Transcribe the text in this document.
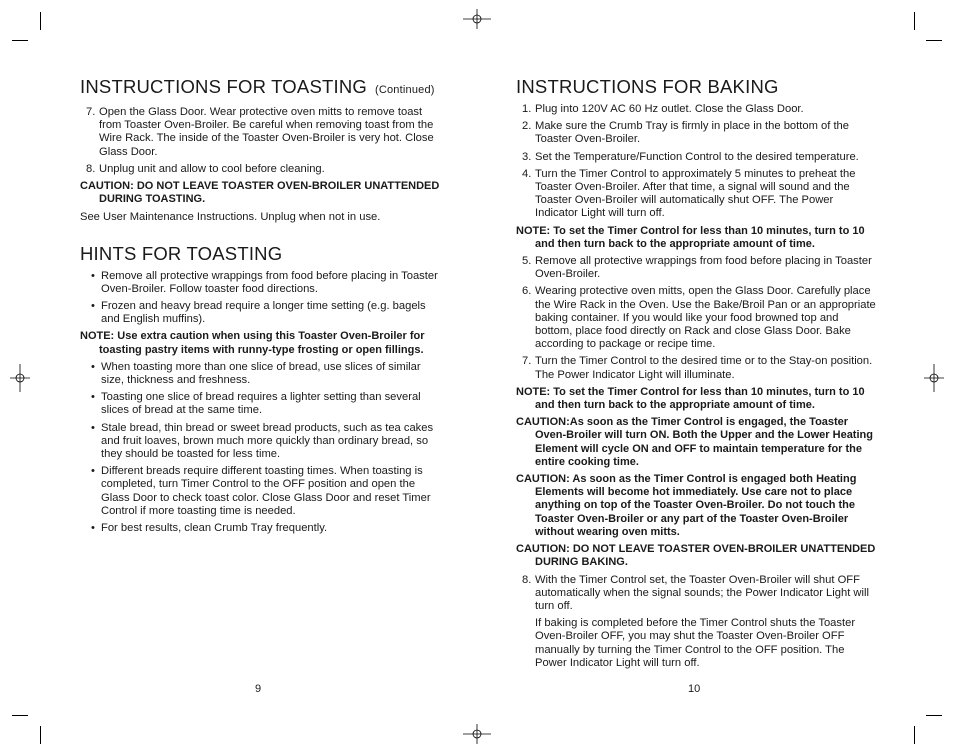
INSTRUCTIONS FOR TOASTING (Continued)
7. Open the Glass Door. Wear protective oven mitts to remove toast from Toaster Oven-Broiler. Be careful when removing toast from the Wire Rack. The inside of the Toaster Oven-Broiler is very hot. Close Glass Door.
8. Unplug unit and allow to cool before cleaning.
CAUTION: DO NOT LEAVE TOASTER OVEN-BROILER UNATTENDED DURING TOASTING.
See User Maintenance Instructions. Unplug when not in use.
HINTS FOR TOASTING
• Remove all protective wrappings from food before placing in Toaster Oven-Broiler. Follow toaster food directions.
• Frozen and heavy bread require a longer time setting (e.g. bagels and English muffins).
NOTE: Use extra caution when using this Toaster Oven-Broiler for toasting pastry items with runny-type frosting or open fillings.
• When toasting more than one slice of bread, use slices of similar size, thickness and freshness.
• Toasting one slice of bread requires a lighter setting than several slices of bread at the same time.
• Stale bread, thin bread or sweet bread products, such as tea cakes and fruit loaves, brown much more quickly than ordinary bread, so they should be toasted for less time.
• Different breads require different toasting times. When toasting is completed, turn Timer Control to the OFF position and open the Glass Door to check toast color. Close Glass Door and reset Timer Control if more toasting time is needed.
• For best results, clean Crumb Tray frequently.
9
INSTRUCTIONS FOR BAKING
1. Plug into 120V AC 60 Hz outlet. Close the Glass Door.
2. Make sure the Crumb Tray is firmly in place in the bottom of the Toaster Oven-Broiler.
3. Set the Temperature/Function Control to the desired temperature.
4. Turn the Timer Control to approximately 5 minutes to preheat the Toaster Oven-Broiler. After that time, a signal will sound and the Toaster Oven-Broiler will automatically shut OFF. The Power Indicator Light will turn off.
NOTE: To set the Timer Control for less than 10 minutes, turn to 10 and then turn back to the appropriate amount of time.
5. Remove all protective wrappings from food before placing in Toaster Oven-Broiler.
6. Wearing protective oven mitts, open the Glass Door. Carefully place the Wire Rack in the Oven. Use the Bake/Broil Pan or an appropriate baking container. If you would like your food browned top and bottom, place food directly on Rack and close Glass Door. Bake according to package or recipe time.
7. Turn the Timer Control to the desired time or to the Stay-on position. The Power Indicator Light will illuminate.
NOTE: To set the Timer Control for less than 10 minutes, turn to 10 and then turn back to the appropriate amount of time.
CAUTION:As soon as the Timer Control is engaged, the Toaster Oven-Broiler will turn ON. Both the Upper and the Lower Heating Element will cycle ON and OFF to maintain temperature for the entire cooking time.
CAUTION: As soon as the Timer Control is engaged both Heating Elements will become hot immediately. Use care not to place anything on top of the Toaster Oven-Broiler. Do not touch the Toaster Oven-Broiler or any part of the Toaster Oven-Broiler without wearing oven mitts.
CAUTION: DO NOT LEAVE TOASTER OVEN-BROILER UNATTENDED DURING BAKING.
8. With the Timer Control set, the Toaster Oven-Broiler will shut OFF automatically when the signal sounds; the Power Indicator Light will turn off.
If baking is completed before the Timer Control shuts the Toaster Oven-Broiler OFF, you may shut the Toaster Oven-Broiler OFF manually by turning the Timer Control to the OFF position. The Power Indicator Light will turn off.
10
